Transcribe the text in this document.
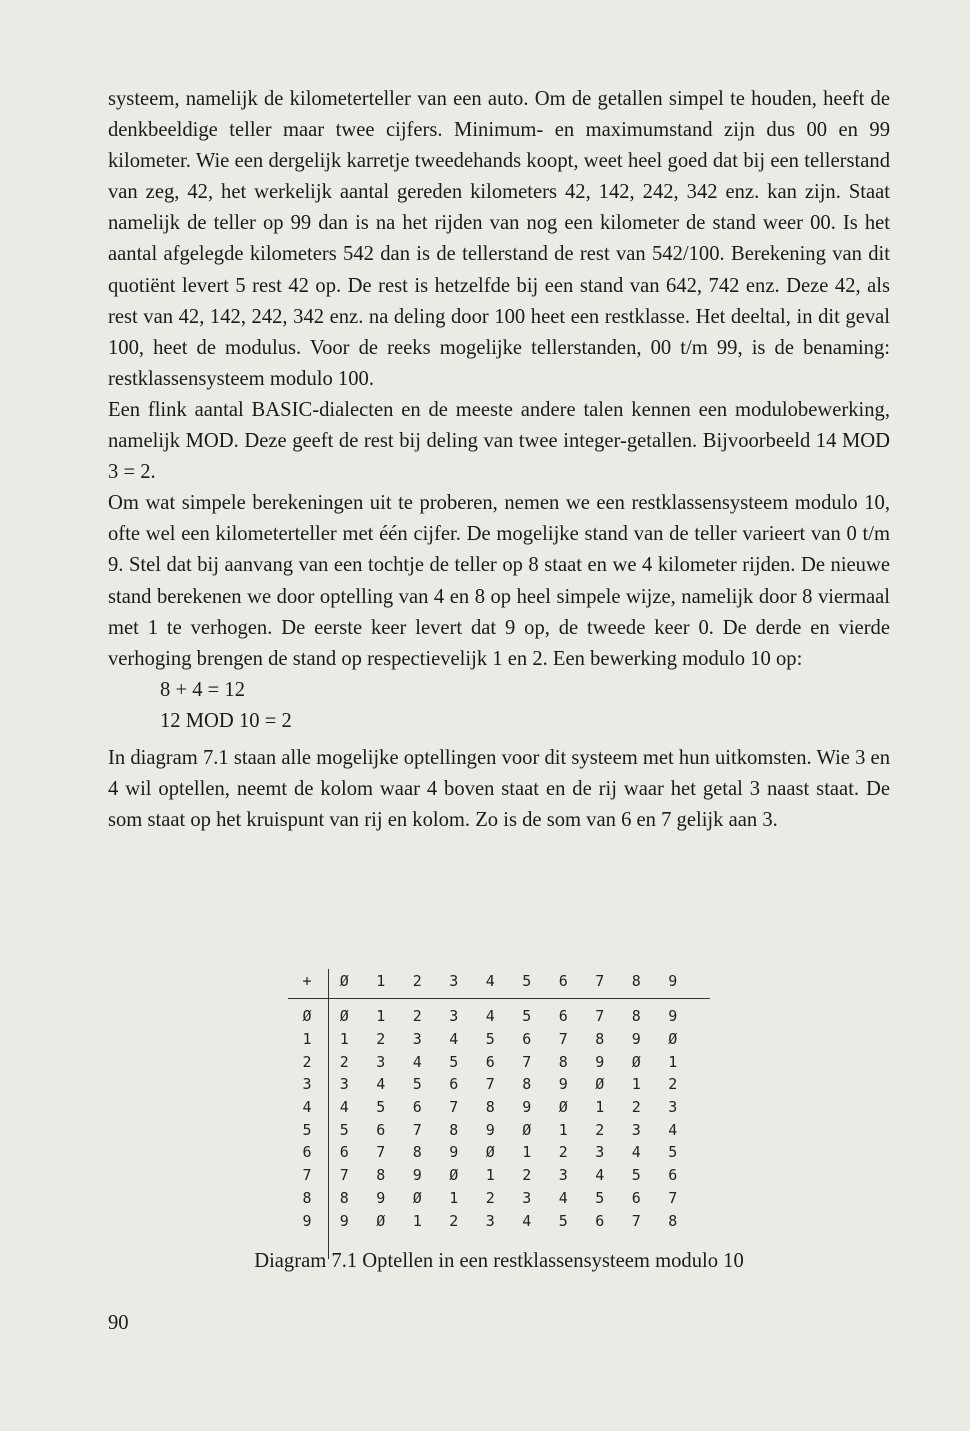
systeem, namelijk de kilometerteller van een auto. Om de getallen simpel te houden, heeft de denkbeeldige teller maar twee cijfers. Minimum- en maximumstand zijn dus 00 en 99 kilometer. Wie een dergelijk karretje tweedehands koopt, weet heel goed dat bij een tellerstand van zeg, 42, het werkelijk aantal gereden kilometers 42, 142, 242, 342 enz. kan zijn. Staat namelijk de teller op 99 dan is na het rijden van nog een kilometer de stand weer 00. Is het aantal afgelegde kilometers 542 dan is de tellerstand de rest van 542/100. Berekening van dit quotiënt levert 5 rest 42 op. De rest is hetzelfde bij een stand van 642, 742 enz. Deze 42, als rest van 42, 142, 242, 342 enz. na deling door 100 heet een restklasse. Het deeltal, in dit geval 100, heet de modulus. Voor de reeks mogelijke tellerstanden, 00 t/m 99, is de benaming: restklassensysteem modulo 100.

Een flink aantal BASIC-dialecten en de meeste andere talen kennen een modulobewerking, namelijk MOD. Deze geeft de rest bij deling van twee integer-getallen. Bijvoorbeeld 14 MOD 3 = 2.

Om wat simpele berekeningen uit te proberen, nemen we een restklassensysteem modulo 10, ofte wel een kilometerteller met één cijfer. De mogelijke stand van de teller varieert van 0 t/m 9. Stel dat bij aanvang van een tochtje de teller op 8 staat en we 4 kilometer rijden. De nieuwe stand berekenen we door optelling van 4 en 8 op heel simpele wijze, namelijk door 8 viermaal met 1 te verhogen. De eerste keer levert dat 9 op, de tweede keer 0. De derde en vierde verhoging brengen de stand op respectievelijk 1 en 2. Een bewerking modulo 10 op:

8 + 4 = 12
12 MOD 10 = 2

In diagram 7.1 staan alle mogelijke optellingen voor dit systeem met hun uitkomsten. Wie 3 en 4 wil optellen, neemt de kolom waar 4 boven staat en de rij waar het getal 3 naast staat. De som staat op het kruispunt van rij en kolom. Zo is de som van 6 en 7 gelijk aan 3.

+	Ø	1	2	3	4	5	6	7	8	9
Ø	Ø	1	2	3	4	5	6	7	8	9
1	1	2	3	4	5	6	7	8	9	Ø
2	2	3	4	5	6	7	8	9	Ø	1
3	3	4	5	6	7	8	9	Ø	1	2
4	4	5	6	7	8	9	Ø	1	2	3
5	5	6	7	8	9	Ø	1	2	3	4
6	6	7	8	9	Ø	1	2	3	4	5
7	7	8	9	Ø	1	2	3	4	5	6
8	8	9	Ø	1	2	3	4	5	6	7
9	9	Ø	1	2	3	4	5	6	7	8
Diagram 7.1 Optellen in een restklassensysteem modulo 10
90
